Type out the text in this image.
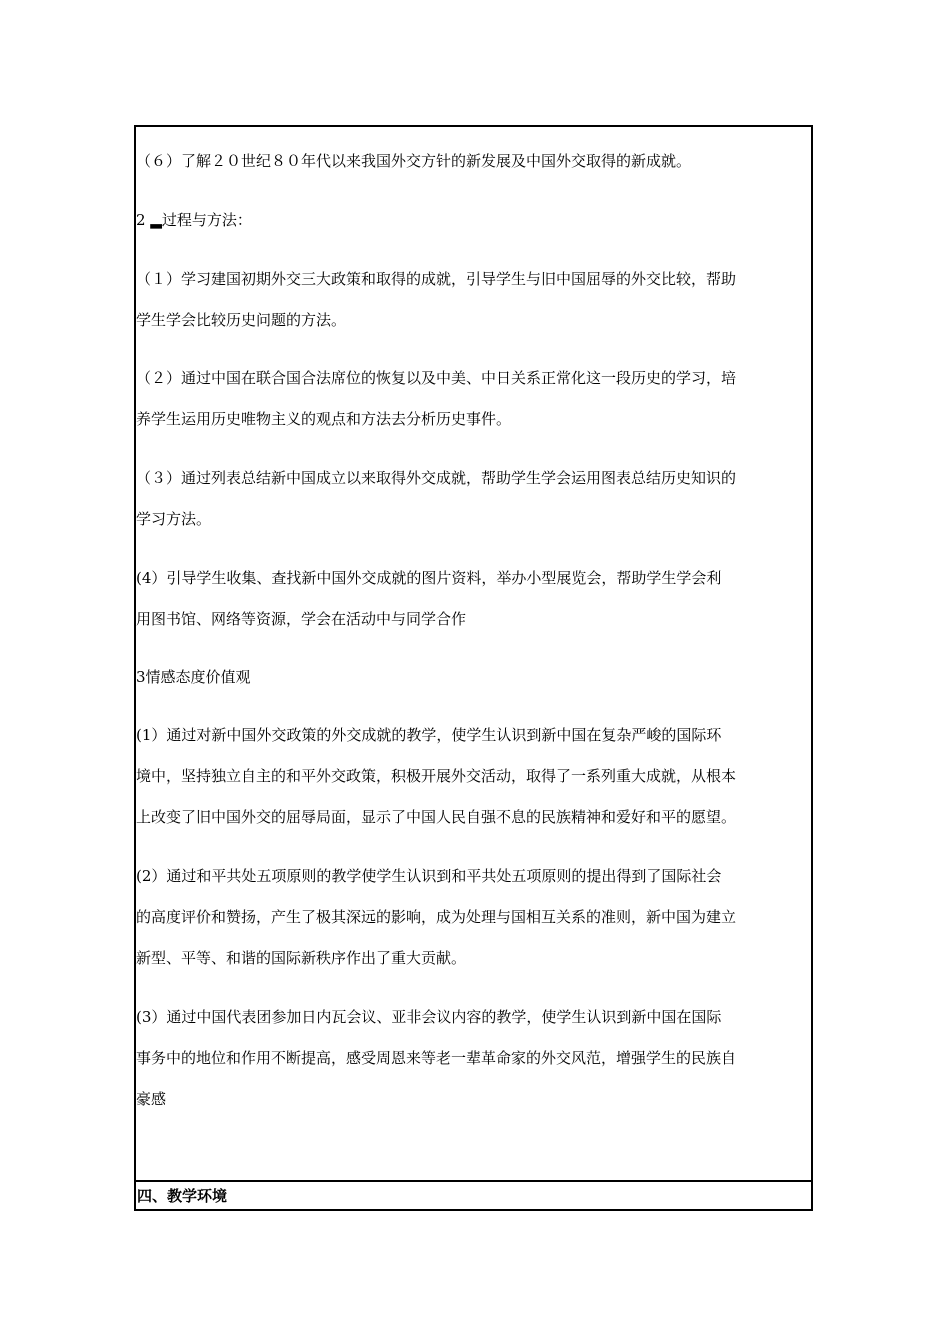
（６）了解２０世纪８０年代以来我国外交方针的新发展及中国外交取得的新成就。
2 ▂过程与方法：
（１）学习建国初期外交三大政策和取得的成就，引导学生与旧中国屈辱的外交比较，帮助
学生学会比较历史问题的方法。
（２）通过中国在联合国合法席位的恢复以及中美、中日关系正常化这一段历史的学习，培
养学生运用历史唯物主义的观点和方法去分析历史事件。
（３）通过列表总结新中国成立以来取得外交成就，帮助学生学会运用图表总结历史知识的
学习方法。
(4）引导学生收集、查找新中国外交成就的图片资料，举办小型展览会，帮助学生学会利
用图书馆、网络等资源，学会在活动中与同学合作
3情感态度价值观
(1）通过对新中国外交政策的外交成就的教学，使学生认识到新中国在复杂严峻的国际环
境中，坚持独立自主的和平外交政策，积极开展外交活动，取得了一系列重大成就，从根本
上改变了旧中国外交的屈辱局面，显示了中国人民自强不息的民族精神和爱好和平的愿望。
(2）通过和平共处五项原则的教学使学生认识到和平共处五项原则的提出得到了国际社会
的高度评价和赞扬，产生了极其深远的影响，成为处理与国相互关系的准则，新中国为建立
新型、平等、和谐的国际新秩序作出了重大贡献。
(3）通过中国代表团参加日内瓦会议、亚非会议内容的教学，使学生认识到新中国在国际
事务中的地位和作用不断提高，感受周恩来等老一辈革命家的外交风范，增强学生的民族自
豪感
四、教学环境
